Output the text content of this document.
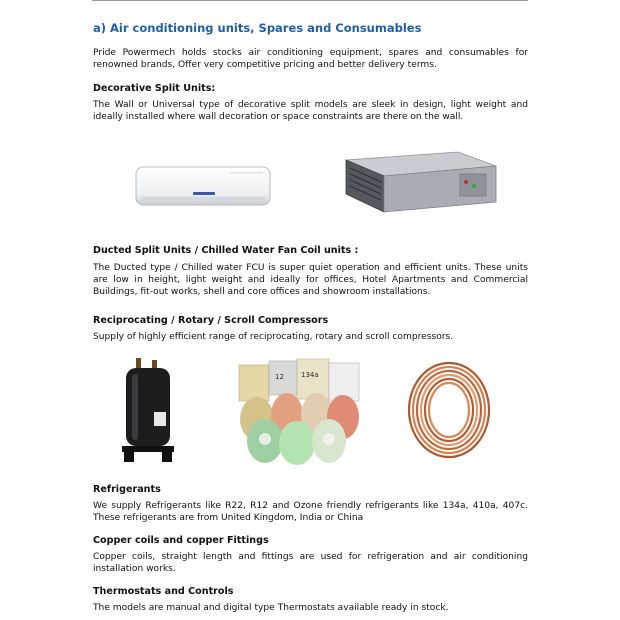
a) Air conditioning units, Spares and Consumables

Pride Powermech holds stocks air conditioning equipment, spares and consumables for renowned brands, Offer very competitive pricing and better delivery terms.

Decorative Split Units:

The Wall or Universal type of decorative split models are sleek in design, light weight and ideally installed where wall decoration or space constraints are there on the wall.

Ducted Split Units / Chilled Water Fan Coil units :

The Ducted type / Chilled water FCU is super quiet operation and efficient units. These units are low in height, light weight and ideally for offices, Hotel Apartments and Commercial Buildings, fit-out works, shell and core offices and showroom installations.

Reciprocating / Rotary / Scroll Compressors

Supply of highly efficient range of reciprocating, rotary and scroll compressors.

12 134a
Refrigerants

We supply Refrigerants like R22, R12 and Ozone friendly refrigerants like 134a, 410a, 407c. These refrigerants are from United Kingdom, India or China

Copper coils and copper Fittings

Copper coils, straight length and fittings are used for refrigeration and air conditioning installation works.

Thermostats and Controls

The models are manual and digital type Thermostats available ready in stock.
